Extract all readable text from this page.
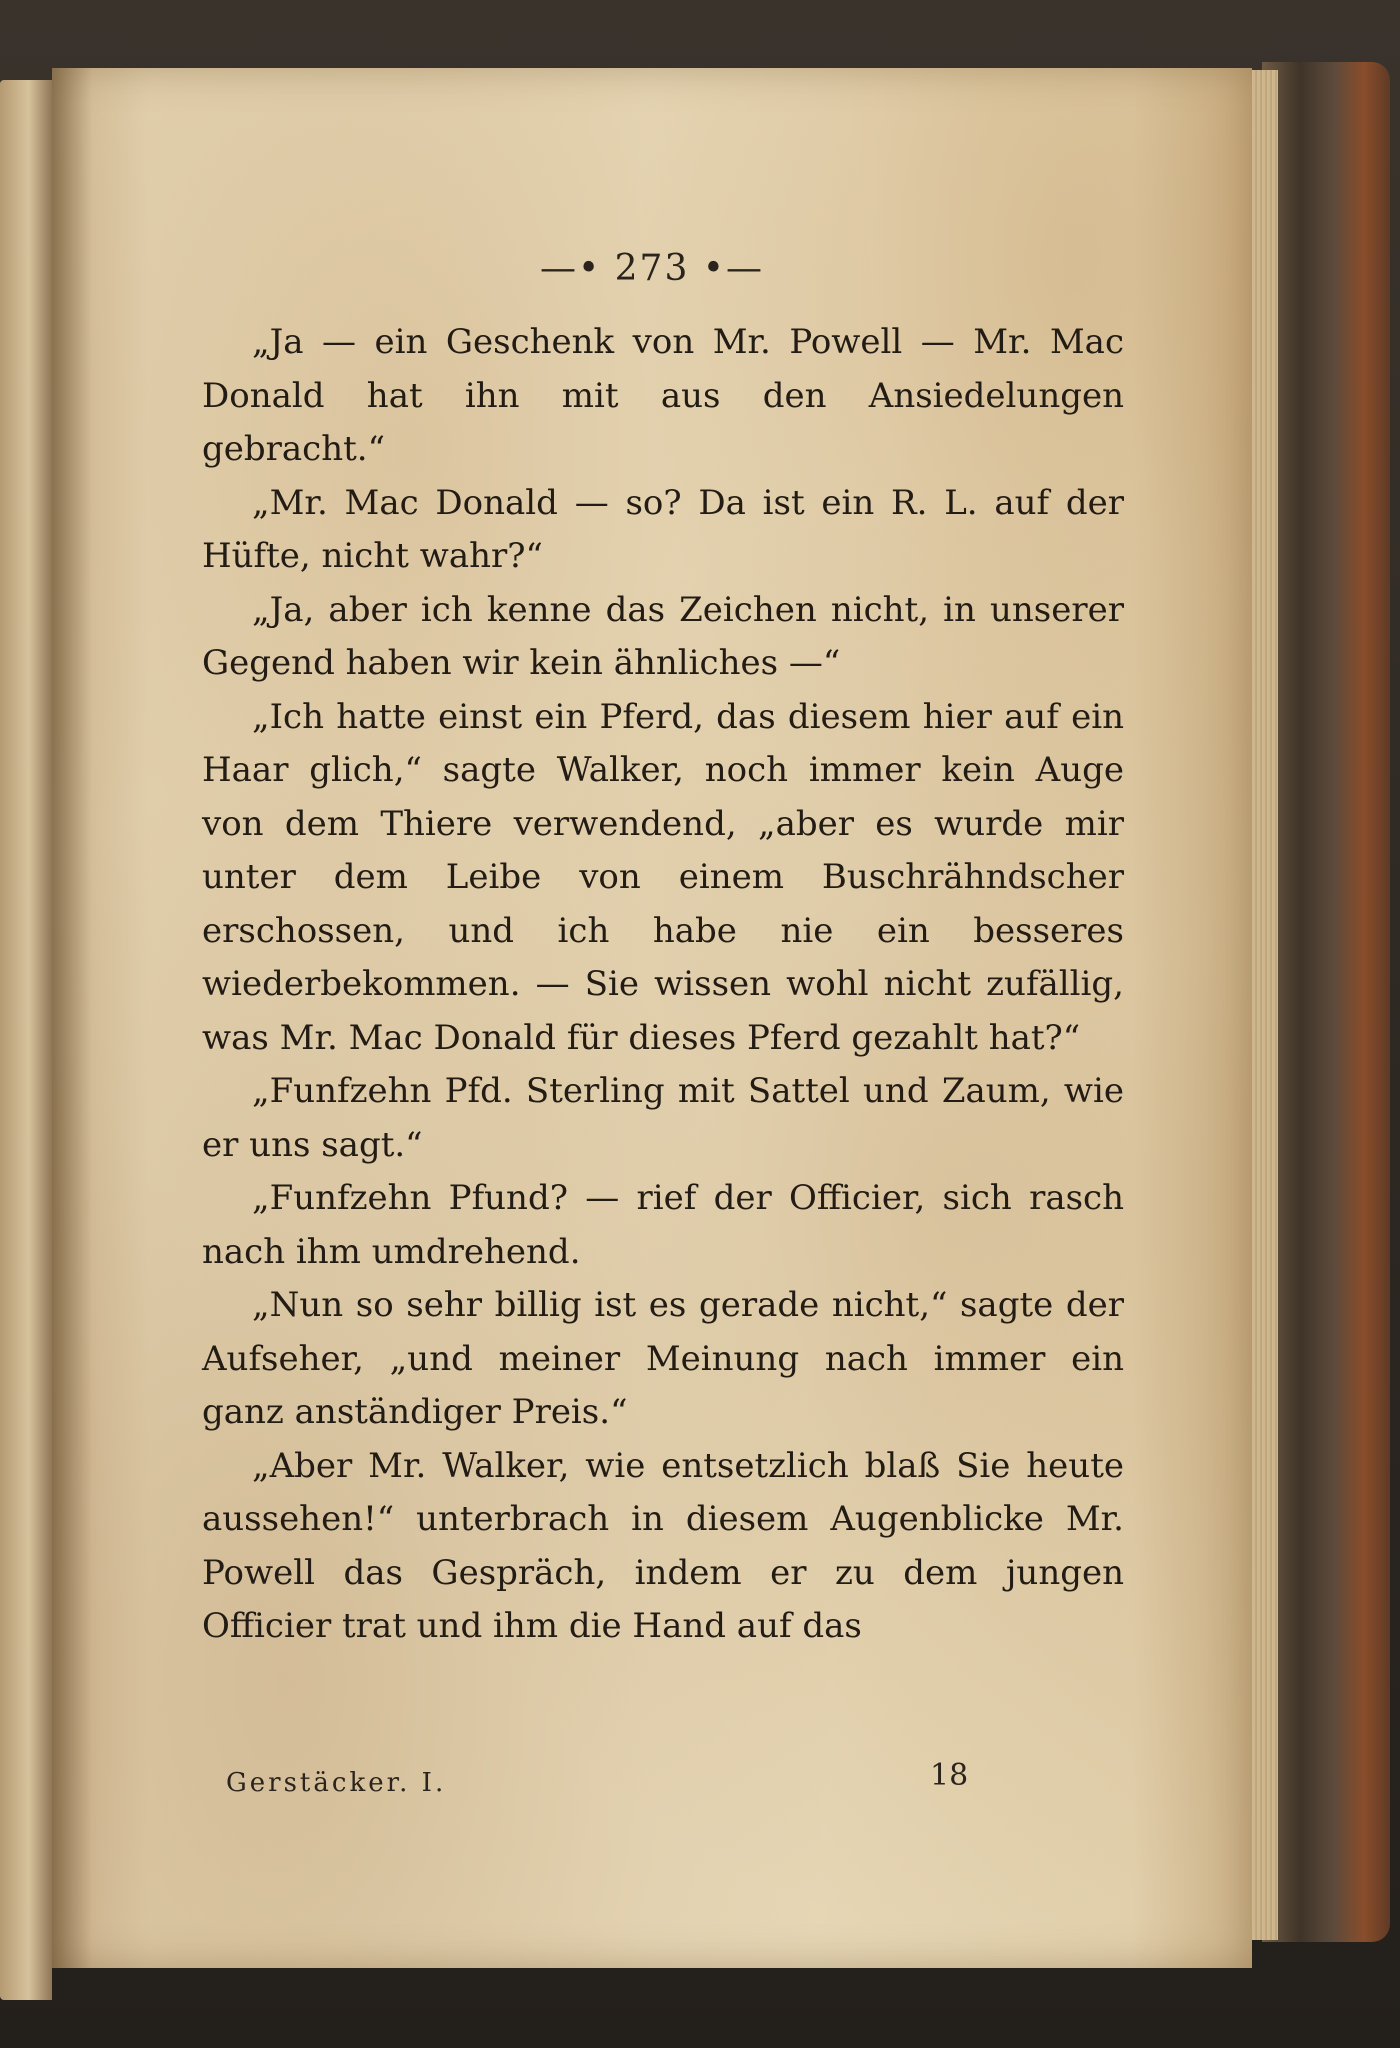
—• 273 •—

„Ja — ein Geschenk von Mr. Powell — Mr. Mac Donald hat ihn mit aus den Ansiedelungen gebracht.“

„Mr. Mac Donald — so? Da ist ein R. L. auf der Hüfte, nicht wahr?“

„Ja, aber ich kenne das Zeichen nicht, in unserer Gegend haben wir kein ähnliches —“

„Ich hatte einst ein Pferd, das diesem hier auf ein Haar glich,“ sagte Walker, noch immer kein Auge von dem Thiere verwendend, „aber es wurde mir unter dem Leibe von einem Buschrähndscher erschossen, und ich habe nie ein besseres wiederbekommen. — Sie wissen wohl nicht zufällig, was Mr. Mac Donald für dieses Pferd gezahlt hat?“

„Funfzehn Pfd. Sterling mit Sattel und Zaum, wie er uns sagt.“

„Funfzehn Pfund? — rief der Officier, sich rasch nach ihm umdrehend.

„Nun so sehr billig ist es gerade nicht,“ sagte der Aufseher, „und meiner Meinung nach immer ein ganz anständiger Preis.“

„Aber Mr. Walker, wie entsetzlich blaß Sie heute aussehen!“ unterbrach in diesem Augenblicke Mr. Powell das Gespräch, indem er zu dem jungen Officier trat und ihm die Hand auf das

Gerstäcker. I.	18
